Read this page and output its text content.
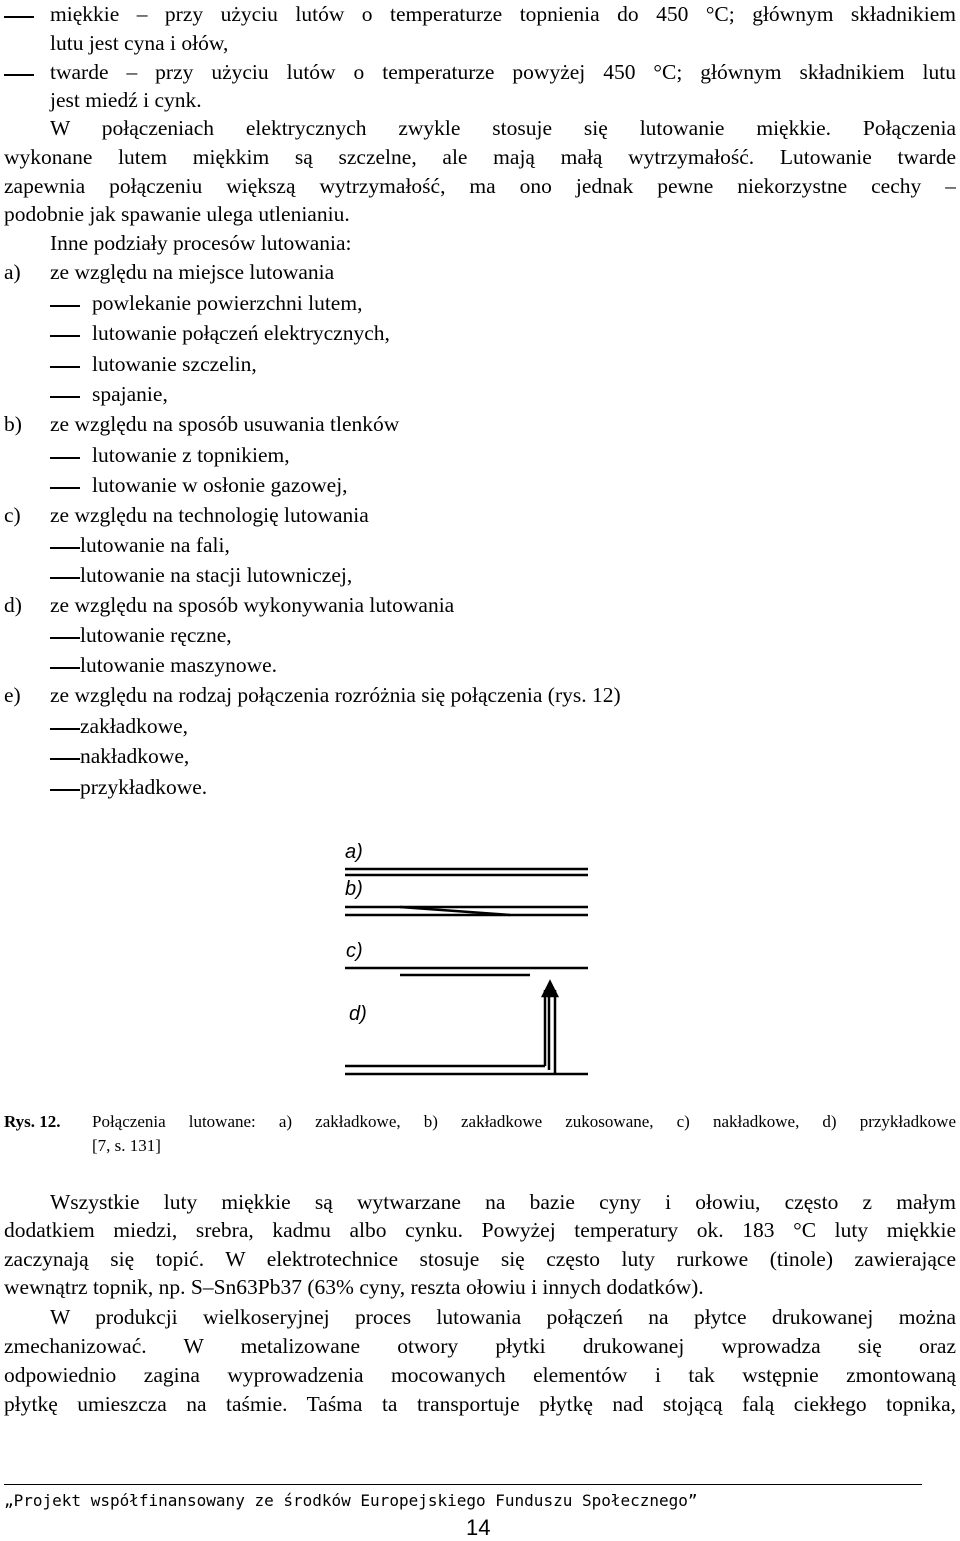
miękkie – przy użyciu lutów o temperaturze topnienia do 450 °C; głównym składnikiem
lutu jest cyna i ołów,
twarde – przy użyciu lutów o temperaturze powyżej 450 °C; głównym składnikiem lutu
jest miedź i cynk.
W połączeniach elektrycznych zwykle stosuje się lutowanie miękkie. Połączenia
wykonane lutem miękkim są szczelne, ale mają małą wytrzymałość. Lutowanie twarde
zapewnia połączeniu większą wytrzymałość, ma ono jednak pewne niekorzystne cechy –
podobnie jak spawanie ulega utlenianiu.
Inne podziały procesów lutowania:
a) ze względu na miejsce lutowania
powlekanie powierzchni lutem,
lutowanie połączeń elektrycznych,
lutowanie szczelin,
spajanie,
b) ze względu na sposób usuwania tlenków
lutowanie z topnikiem,
lutowanie w osłonie gazowej,
c) ze względu na technologię lutowania
lutowanie na fali,
lutowanie na stacji lutowniczej,
d) ze względu na sposób wykonywania lutowania
lutowanie ręczne,
lutowanie maszynowe.
e) ze względu na rodzaj połączenia rozróżnia się połączenia (rys. 12)
zakładkowe,
nakładkowe,
przykładkowe.
a)
b)
c)
d)
Rys. 12. Połączenia lutowane: a) zakładkowe, b) zakładkowe zukosowane, c) nakładkowe, d) przykładkowe
[7, s. 131]
Wszystkie luty miękkie są wytwarzane na bazie cyny i ołowiu, często z małym
dodatkiem miedzi, srebra, kadmu albo cynku. Powyżej temperatury ok. 183 °C luty miękkie
zaczynają się topić. W elektrotechnice stosuje się często luty rurkowe (tinole) zawierające
wewnątrz topnik, np. S–Sn63Pb37 (63% cyny, reszta ołowiu i innych dodatków).
W produkcji wielkoseryjnej proces lutowania połączeń na płytce drukowanej można
zmechanizować. W metalizowane otwory płytki drukowanej wprowadza się oraz
odpowiednio zagina wyprowadzenia mocowanych elementów i tak wstępnie zmontowaną
płytkę umieszcza na taśmie. Taśma ta transportuje płytkę nad stojącą falą ciekłego topnika,
„Projekt współfinansowany ze środków Europejskiego Funduszu Społecznego”
14
